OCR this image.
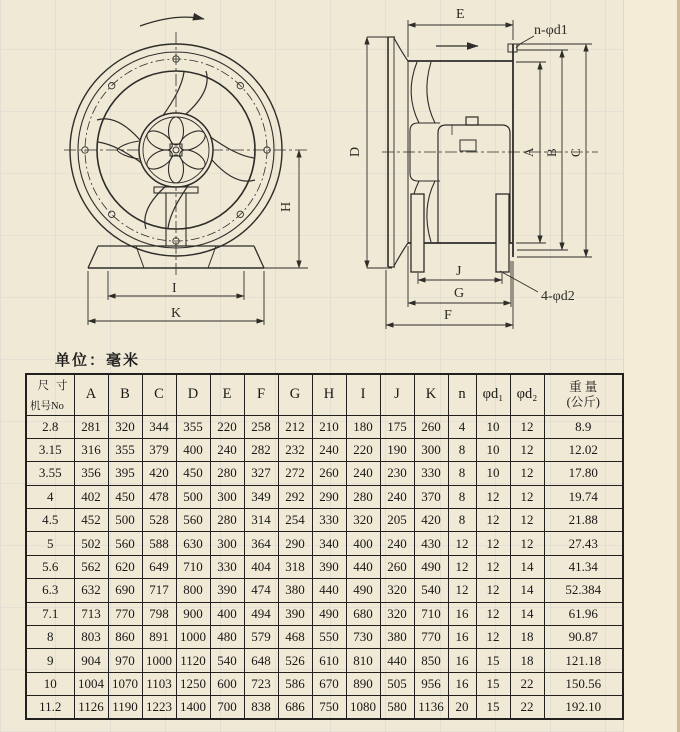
H
I
K
E
D
n-φd1
A B C
J
G
F
4-φd2
单位：毫米
尺 寸
机号No
	A	B	C	D	E	F	G	H	I	J	K	n	φd₁	φd₂	重 量
(公斤)

2.8	281	320	344	355	220	258	212	210	180	175	260	4	10	12	8.9
3.15	316	355	379	400	240	282	232	240	220	190	300	8	10	12	12.02
3.55	356	395	420	450	280	327	272	260	240	230	330	8	10	12	17.80
4	402	450	478	500	300	349	292	290	280	240	370	8	12	12	19.74
4.5	452	500	528	560	280	314	254	330	320	205	420	8	12	12	21.88
5	502	560	588	630	300	364	290	340	400	240	430	12	12	12	27.43
5.6	562	620	649	710	330	404	318	390	440	260	490	12	12	14	41.34
6.3	632	690	717	800	390	474	380	440	490	320	540	12	12	14	52.384
7.1	713	770	798	900	400	494	390	490	680	320	710	16	12	14	61.96
8	803	860	891	1000	480	579	468	550	730	380	770	16	12	18	90.87
9	904	970	1000	1120	540	648	526	610	810	440	850	16	15	18	121.18
10	1004	1070	1103	1250	600	723	586	670	890	505	956	16	15	22	150.56
11.2	1126	1190	1223	1400	700	838	686	750	1080	580	1136	20	15	22	192.10
